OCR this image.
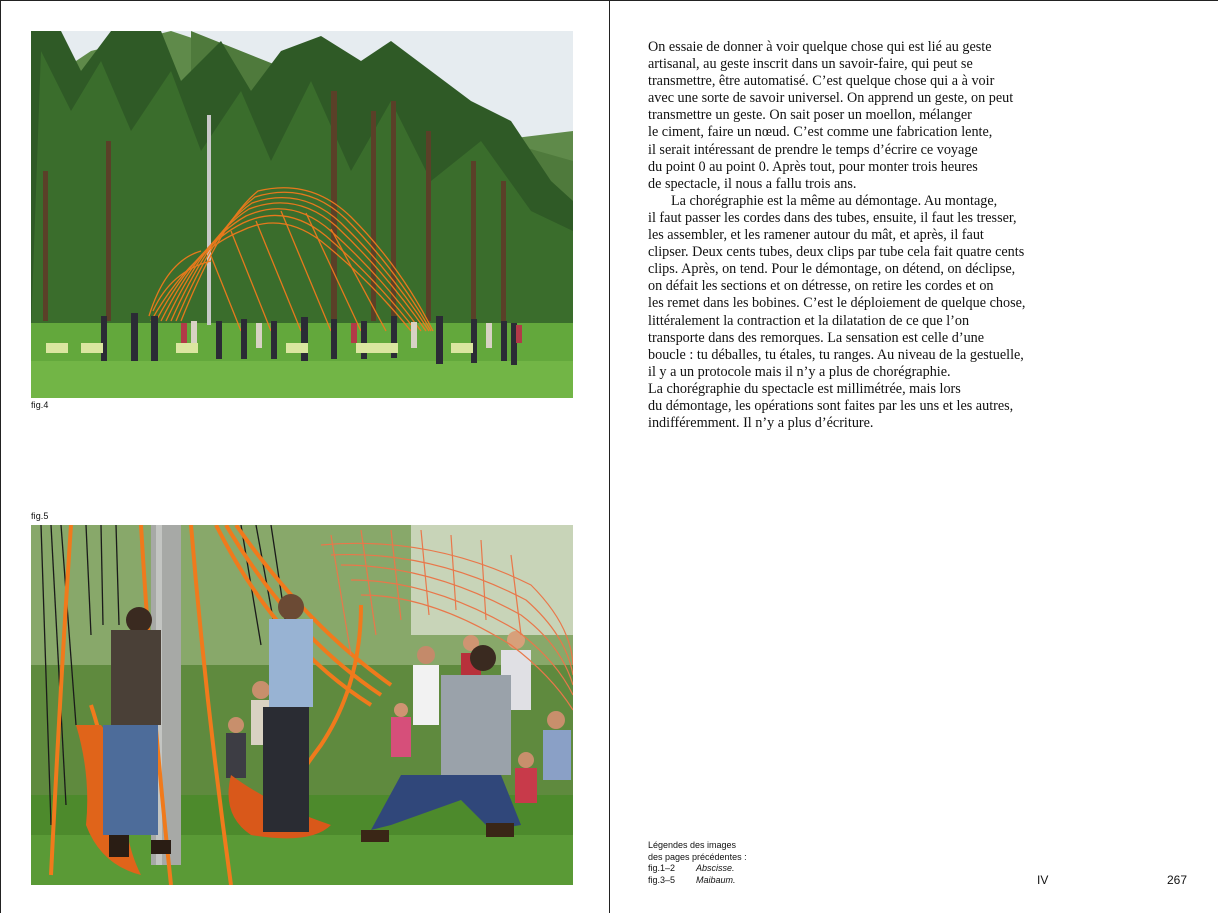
fig.4
fig.5

On essaie de donner à voir quelque chose qui est lié au geste

artisanal, au geste inscrit dans un savoir-faire, qui peut se

transmettre, être automatisé. C’est quelque chose qui a à voir

avec une sorte de savoir universel. On apprend un geste, on peut

transmettre un geste. On sait poser un moellon, mélanger

le ciment, faire un nœud. C’est comme une fabrication lente,

il serait intéressant de prendre le temps d’écrire ce voyage

du point 0 au point 0. Après tout, pour monter trois heures

de spectacle, il nous a fallu trois ans.

La chorégraphie est la même au démontage. Au montage,

il faut passer les cordes dans des tubes, ensuite, il faut les tresser,

les assembler, et les ramener autour du mât, et après, il faut

clipser. Deux cents tubes, deux clips par tube cela fait quatre cents

clips. Après, on tend. Pour le démontage, on détend, on déclipse,

on défait les sections et on détresse, on retire les cordes et on

les remet dans les bobines. C’est le déploiement de quelque chose,

littéralement la contraction et la dilatation de ce que l’on

transporte dans des remorques. La sensation est celle d’une

boucle : tu déballes, tu étales, tu ranges. Au niveau de la gestuelle,

il y a un protocole mais il n’y a plus de chorégraphie.

La chorégraphie du spectacle est millimétrée, mais lors

du démontage, les opérations sont faites par les uns et les autres,

indifféremment. Il n’y a plus d’écriture.

Légendes des images
des pages précédentes :
fig.1–2 Abscisse.
fig.3–5 Maibaum.	IV	267
